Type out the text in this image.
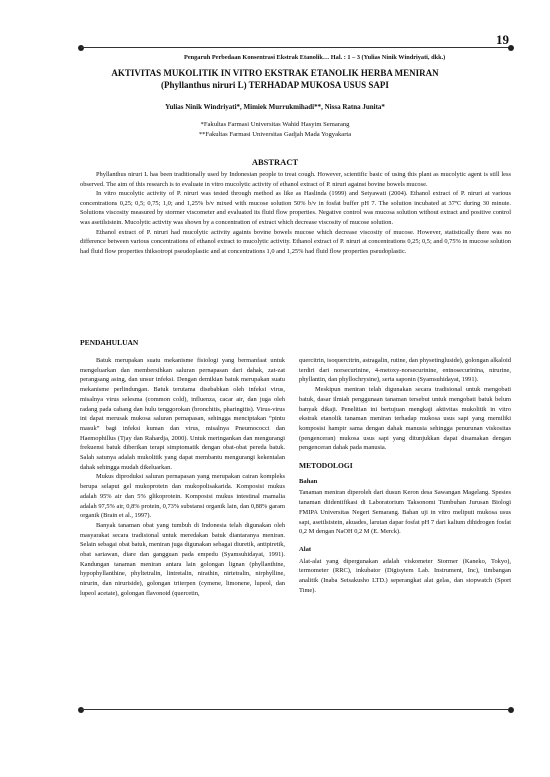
19
Pengaruh Perbedaan Konsentrasi Ekstrak Etanolik… Hal. : 1 – 3 (Yulias Ninik Windriyati, dkk.)
AKTIVITAS MUKOLITIK IN VITRO EKSTRAK ETANOLIK HERBA MENIRAN
(Phyllanthus niruri L) TERHADAP MUKOSA USUS SAPI
Yulias Ninik Windriyati*, Mimiek Murrukmihadi**, Nissa Ratna Junita*
*Fakultas Farmasi Universitas Wahid Hasyim Semarang
**Fakultas Farmasi Universitas Gadjah Mada Yogyakarta
ABSTRACT

Phyllanthus niruri L has been traditionally used by Indonesian people to treat cough. However, scientific basic of using this plant as mucolytic agent is still less observed. The aim of this research is to evaluate in vitro mucolytic activity of ethanol extract of P. niruri against bovine bowels mucose.

In vitro mucolytic activity of P. niruri was tested through method as like as Haslinda (1999) and Setyawati (2004). Ethanol extract of P. niruri at various concentrations 0,25; 0,5; 0,75; 1,0; and 1,25% b/v mixed with mucose solution 50% b/v in fosfat buffer pH 7. The solution incubated at 37ºC during 30 minute. Solutions viscosity measured by stormer viscometer and evaluated its fluid flow properties. Negative control was mucosa solution without extract and positive control was asetilsistein. Mucolytic activity was shown by a concentration of extract which decrease viscosity of mucose solution.

Ethanol extract of P. niruri had mucolytic activity againts bovine bowels mucose which decrease viscosity of mucose. However, statistically there was no difference between various concentrations of ethanol extract to mucolytic activity. Ethanol extract of P. niruri at concentrations 0,25; 0,5; and 0,75% in mucose solution had fluid flow properties thiksotropi pseudoplastic and at concentrations 1,0 and 1,25% had fluid flow properties pseudoplastic.

PENDAHULUAN

Batuk merupakan suatu mekanisme fisiologi yang bermanfaat untuk mengeluarkan dan membersihkan saluran pernapasan dari dahak, zat-zat perangsang asing, dan unsur infeksi. Dengan demikian batuk merupakan suatu mekanisme perlindungan. Batuk terutama disebabkan oleh infeksi virus, misalnya virus selesma (common cold), influenza, cacar air, dan juga oleh radang pada cabang dan hulu tenggorokan (bronchitis, pharingitis). Virus-virus ini dapat merusak mukosa saluran pernapasan, sehingga menciptakan “pintu masuk” bagi infeksi kuman dan virus, misalnya Pneumococci dan Haemophillus (Tjay dan Rahardja, 2000). Untuk meringankan dan mengurangi frekuensi batuk diberikan terapi simptomatik dengan obat-obat pereda batuk. Salah satunya adalah mukolitik yang dapat membantu mengurangi kekentalan dahak sehingga mudah dikeluarkan.

Mukus diproduksi saluran pernapasan yang merupakan cairan kompleks berupa selaput gel mukoprotein dan mukopolisakarida. Komposisi mukus adalah 95% air dan 5% glikoprotein. Komposisi mukus intestinal mamalia adalah 97,5% air, 0,8% protein, 0,73% substansi organik lain, dan 0,88% garam organik (Brain et al., 1997).

Banyak tanaman obat yang tumbuh di Indonesia telah digunakan oleh masyarakat secara tradisional untuk meredakan batuk diantaranya meniran. Selain sebagai obat batuk, meniran juga digunakan sebagai diuretik, antipiretik, obat sariawan, diare dan gangguan pada empedu (Syamsuhidayat, 1991). Kandungan tanaman meniran antara lain golongan lignan (phyllanthine, hypophyllanthine, phyltetralin, lintretalin, nirathin, nirtetralin, nirphylline, nirurin, dan niruriside), golongan triterpen (cymene, limonene, lupeol, dan lupeol acetate), golongan flavonoid (quercetin,

quercitrin, isoquercitrin, astragalin, rutine, dan physetingluside), golongan alkaloid terdiri dari norsecurinine, 4-metoxy-norsecurinine, entnosecurinina, nirurine, phyllantin, dan phyllochrysine), serta saponin (Syamsuhidayat, 1991).

Meskipun meniran telah digunakan secara tradisional untuk mengobati batuk, dasar ilmiah penggunaan tanaman tersebut untuk mengobati batuk belum banyak dikaji. Penelitian ini bertujuan mengkaji aktivitas mukolitik in vitro ekstrak etanolik tanaman meniran terhadap mukosa usus sapi yang memiliki komposisi hampir sama dengan dahak manusia sehingga penurunan viskositas (pengenceran) mukosa usus sapi yang ditunjukkan dapat disamakan dengan pengenceran dahak pada manusia.

METODOLOGI
Bahan

Tanaman meniran diperoleh dari dusun Keron desa Sawangan Magelang. Spesies tanaman diidentifikasi di Laboratorium Taksonomi Tumbuhan Jurusan Biologi FMIPA Universitas Negeri Semarang. Bahan uji in vitro meliputi mukosa usus sapi, asetilsistein, akuades, larutan dapar fosfat pH 7 dari kalium dihidrogen fosfat 0,2 M dengan NaOH 0,2 M (E. Merck).

Alat

Alat-alat yang dipergunakan adalah viskometer Stormer (Kaneko, Tokyo), termometer (RRC), inkubator (Digisytem Lab. Instrument, Inc), timbangan analitik (Inaba Seisakusho LTD.) seperangkat alat gelas, dan stopwatch (Sport Time).
